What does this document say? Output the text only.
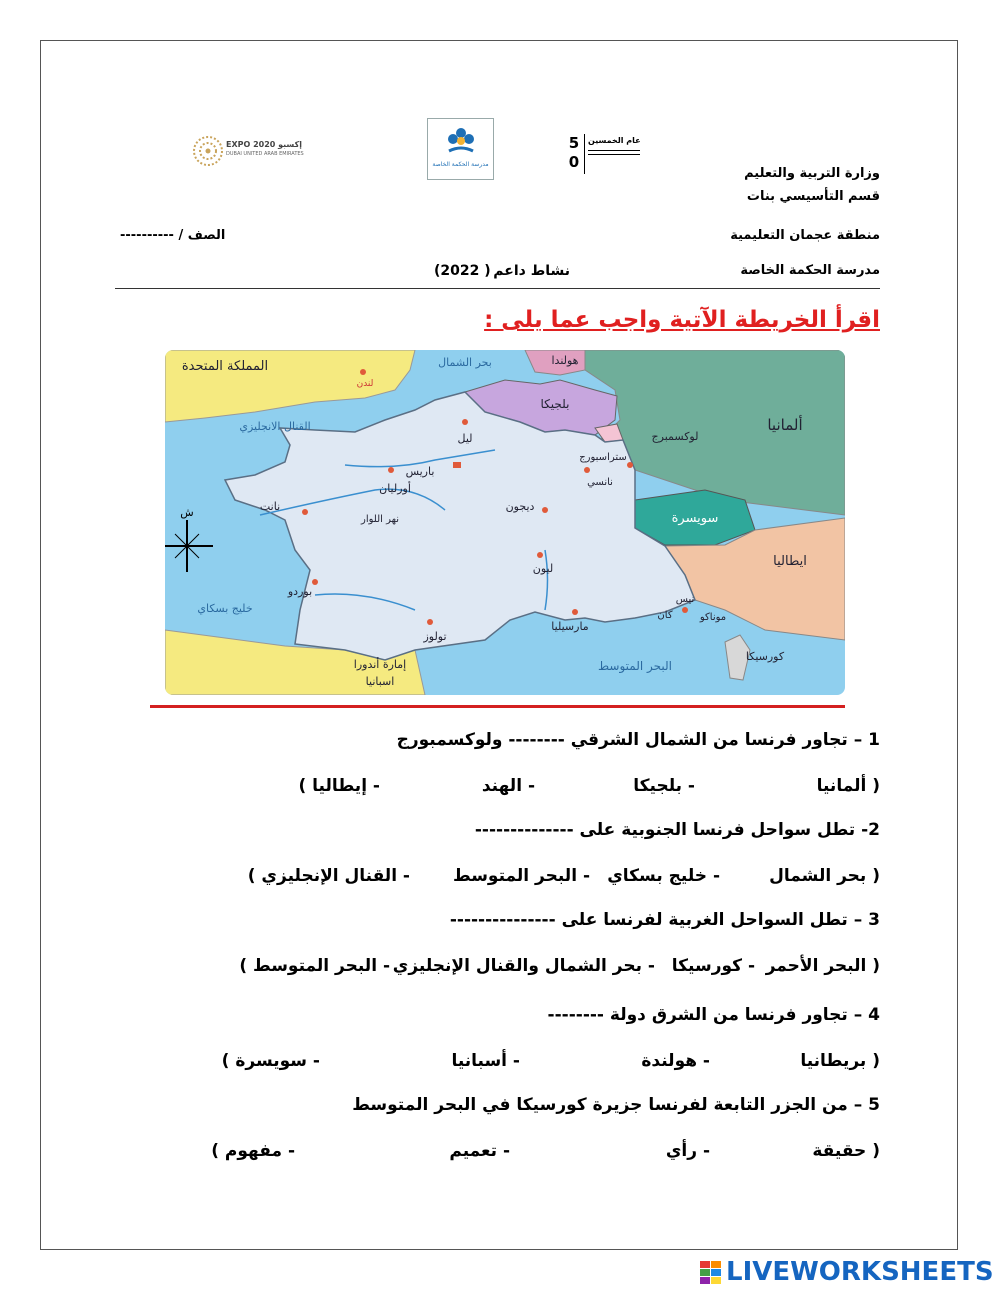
EXPO 2020 إكسبو
DUBAI UNITED ARAB EMIRATES
مدرسة الحكمة الخاصة
50
عام الخمسين
وزارة التربية والتعليم
قسم التأسيسي بنات
منطقة عجمان التعليمية
مدرسة الحكمة الخاصة
الصف / ----------
نشاط داعم
(2022 )
اقرأ الخريطة الآتية واجب عما يلى :
ش
المملكة المتحدة
لندن
بحر الشمال	هولندا
بلجيكا
ألمانيا
لوكسمبرج
القنال الانجليزي
ليل
باريس
أورليان
ستراسبورج
نانسي
سويسرة
ايطاليا
نانت
نهر اللوار
ديجون
ليون
خليج بسكاي
بوردو
تولوز
مارسيليا
نيس
كان	موناكو
كورسيكا
إمارة أندورا
اسبانيا
البحر المتوسط
1 – تجاور فرنسا من الشمال الشرقي -------- ولوكسمبورج
( ألمانيا
- بلجيكا
- الهند
- إيطاليا )
2- تطل سواحل فرنسا الجنوبية على --------------
( بحر الشمال
- خليج بسكاي
- البحر المتوسط
- القنال الإنجليزي )
3 – تطل السواحل الغربية لفرنسا على ---------------
( البحر الأحمر
- كورسيكا
- بحر الشمال والقنال الإنجليزي
- البحر المتوسط )
4 – تجاور فرنسا من الشرق دولة --------
( بريطانيا
- هولندة
- أسبانيا
- سويسرة )
5 – من الجزر التابعة لفرنسا جزيرة كورسيكا في البحر المتوسط
( حقيقة
- رأي
- تعميم
- مفهوم )
LIVEWORKSHEETS
